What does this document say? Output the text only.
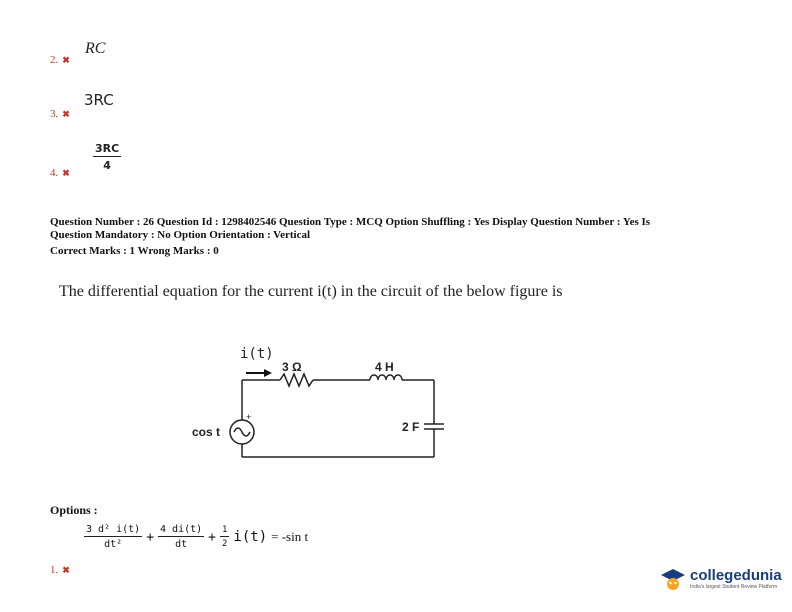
2. ✖
RC
3. ✖
3RC
4. ✖
$\frac{3RC}{4}$
Question Number : 26 Question Id : 1298402546 Question Type : MCQ Option Shuffling : Yes Display Question Number : Yes Is
Question Mandatory : No Option Orientation : Vertical
Correct Marks : 1 Wrong Marks : 0
The differential equation for the current i(t) in the circuit of the below figure is
i(t)
3 Ω	4 H
2 F
cos t
+
Options :
$\frac{\text{3 d² i(t)}}{\text{dt²}} + \frac{4 di(t)}{dt} + \frac{1}{2} i(t) = -\sin$ t
1. ✖	collegedunia
India's largest Student Review Platform
